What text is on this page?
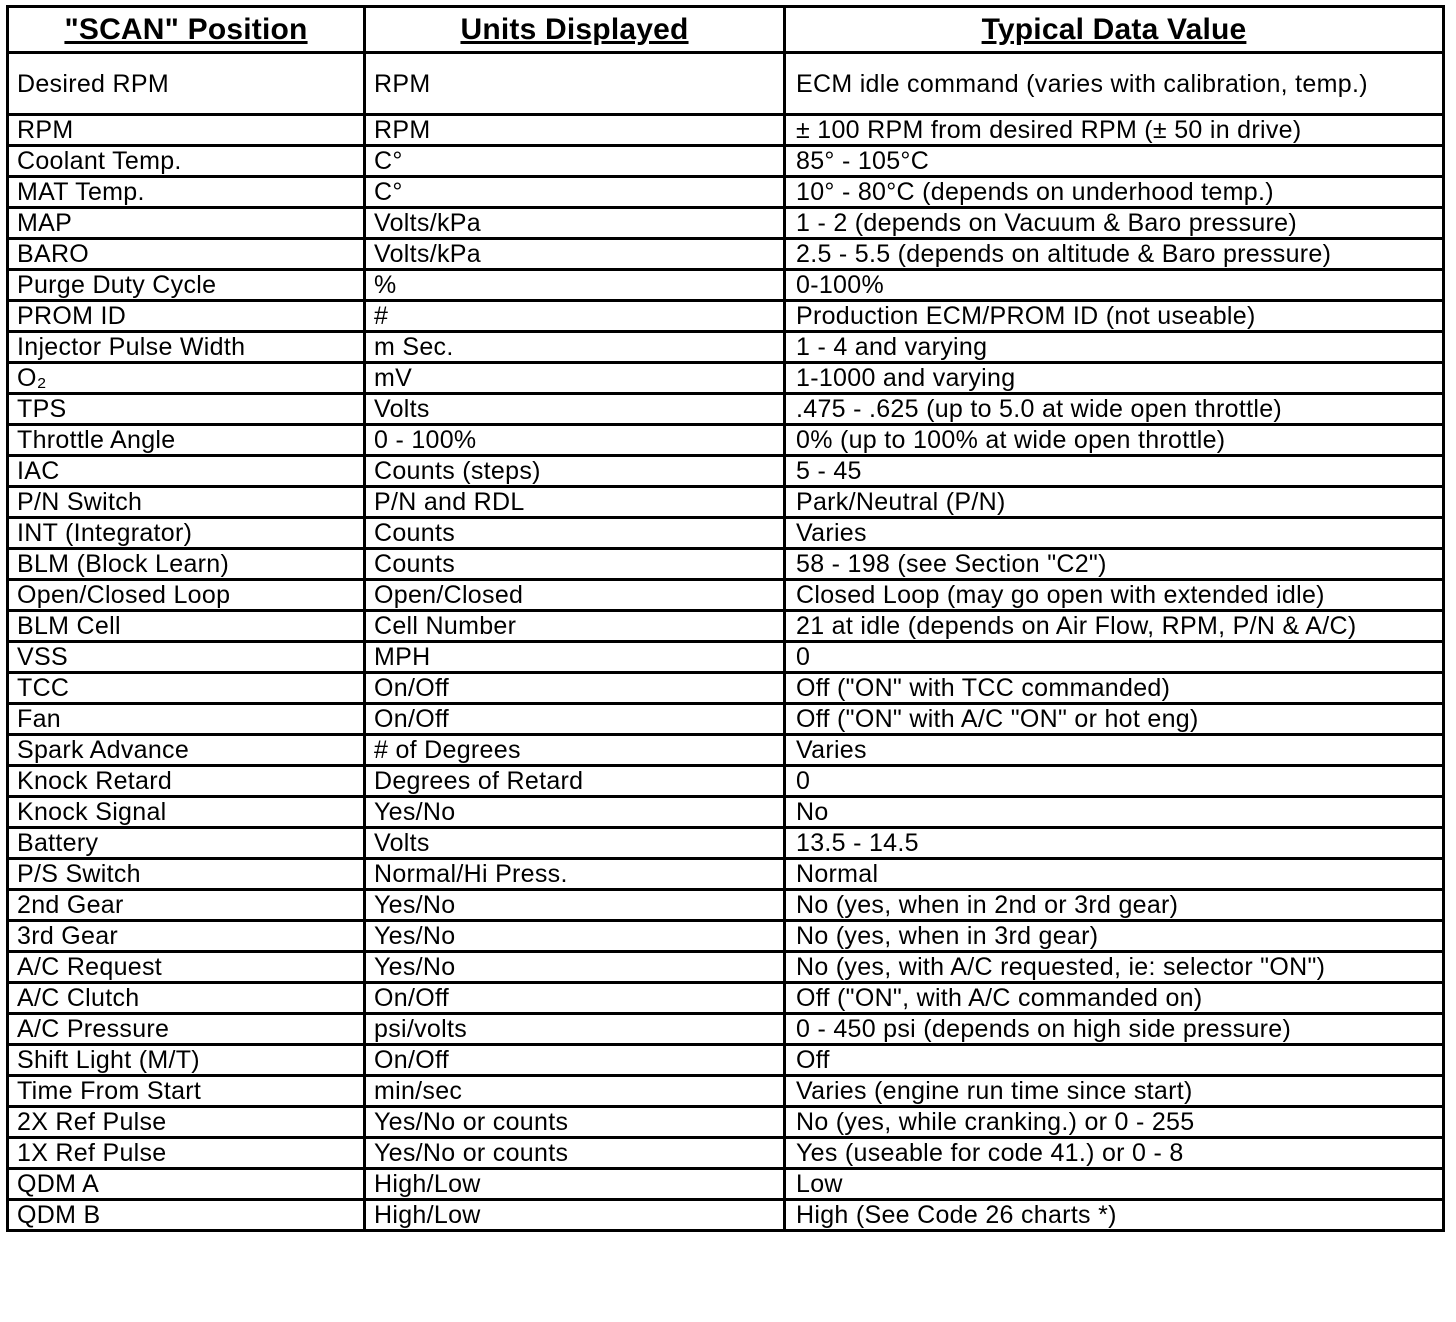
"SCAN" Position	Units Displayed	Typical Data Value
Desired RPM	RPM	ECM idle command (varies with calibration, temp.)
RPM	RPM	± 100 RPM from desired RPM (± 50 in drive)
Coolant Temp.	C°	85° - 105°C
MAT Temp.	C°	10° - 80°C (depends on underhood temp.)
MAP	Volts/kPa	1 - 2 (depends on Vacuum & Baro pressure)
BARO	Volts/kPa	2.5 - 5.5 (depends on altitude & Baro pressure)
Purge Duty Cycle	%	0-100%
PROM ID	#	Production ECM/PROM ID (not useable)
Injector Pulse Width	m Sec.	1 - 4 and varying
O₂	mV	1-1000 and varying
TPS	Volts	.475 - .625 (up to 5.0 at wide open throttle)
Throttle Angle	0 - 100%	0% (up to 100% at wide open throttle)
IAC	Counts (steps)	5 - 45
P/N Switch	P/N and RDL	Park/Neutral (P/N)
INT (Integrator)	Counts	Varies
BLM (Block Learn)	Counts	58 - 198 (see Section "C2")
Open/Closed Loop	Open/Closed	Closed Loop (may go open with extended idle)
BLM Cell	Cell Number	21 at idle (depends on Air Flow, RPM, P/N & A/C)
VSS	MPH	0
TCC	On/Off	Off ("ON" with TCC commanded)
Fan	On/Off	Off ("ON" with A/C "ON" or hot eng)
Spark Advance	# of Degrees	Varies
Knock Retard	Degrees of Retard	0
Knock Signal	Yes/No	No
Battery	Volts	13.5 - 14.5
P/S Switch	Normal/Hi Press.	Normal
2nd Gear	Yes/No	No (yes, when in 2nd or 3rd gear)
3rd Gear	Yes/No	No (yes, when in 3rd gear)
A/C Request	Yes/No	No (yes, with A/C requested, ie: selector "ON")
A/C Clutch	On/Off	Off ("ON", with A/C commanded on)
A/C Pressure	psi/volts	0 - 450 psi (depends on high side pressure)
Shift Light (M/T)	On/Off	Off
Time From Start	min/sec	Varies (engine run time since start)
2X Ref Pulse	Yes/No or counts	No (yes, while cranking.) or 0 - 255
1X Ref Pulse	Yes/No or counts	Yes (useable for code 41.) or 0 - 8
QDM A	High/Low	Low
QDM B	High/Low	High (See Code 26 charts *)
